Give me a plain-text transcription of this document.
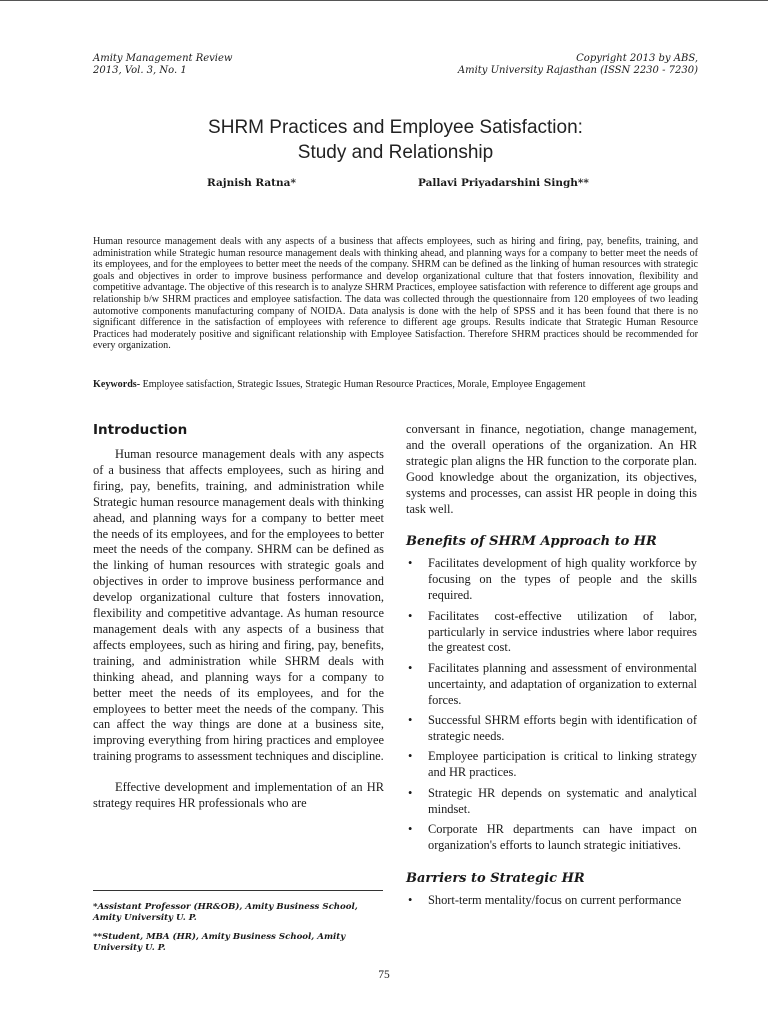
Amity Management Review
2013, Vol. 3, No. 1
Copyright 2013 by ABS,
Amity University Rajasthan (ISSN 2230 - 7230)
SHRM Practices and Employee Satisfaction:
Study and Relationship
Rajnish Ratna*	Pallavi Priyadarshini Singh**

Human resource management deals with any aspects of a business that affects employees, such as hiring and firing, pay, benefits, training, and administration while Strategic human resource management deals with thinking ahead, and planning ways for a company to better meet the needs of its employees, and for the employees to better meet the needs of the company. SHRM can be defined as the linking of human resources with strategic goals and objectives in order to improve business performance and develop organizational culture that that fosters innovation, flexibility and competitive advantage. The objective of this research is to analyze SHRM Practices, employee satisfaction with reference to different age groups and relationship b/w SHRM practices and employee satisfaction. The data was collected through the questionnaire from 120 employees of two leading automotive components manufacturing company of NOIDA. Data analysis is done with the help of SPSS and it has been found that there is no significant difference in the satisfaction of employees with reference to different age groups. Results indicate that Strategic Human Resource Practices had moderately positive and significant relationship with Employee Satisfaction. Therefore SHRM practices should be recommended for every organization.

Keywords- Employee satisfaction, Strategic Issues, Strategic Human Resource Practices, Morale, Employee Engagement

Introduction

Human resource management deals with any aspects of a business that affects employees, such as hiring and firing, pay, benefits, training, and administration while Strategic human resource management deals with thinking ahead, and planning ways for a company to better meet the needs of its employees, and for the employees to better meet the needs of the company. SHRM can be defined as the linking of human resources with strategic goals and objectives in order to improve business performance and develop organizational culture that fosters innovation, flexibility and competitive advantage. As human resource management deals with any aspects of a business that affects employees, such as hiring and firing, pay, benefits, training, and administration while SHRM deals with thinking ahead, and planning ways for a company to better meet the needs of its employees, and for the employees to better meet the needs of the company. This can affect the way things are done at a business site, improving everything from hiring practices and employee training programs to assessment techniques and discipline.

Effective development and implementation of an HR strategy requires HR professionals who are

conversant in finance, negotiation, change management, and the overall operations of the organization. An HR strategic plan aligns the HR function to the corporate plan. Good knowledge about the organization, its objectives, systems and processes, can assist HR people in doing this task well.

Benefits of SHRM Approach to HR
• Facilitates development of high quality workforce by focusing on the types of people and the skills required.
• Facilitates cost-effective utilization of labor, particularly in service industries where labor requires the greatest cost.
• Facilitates planning and assessment of environmental uncertainty, and adaptation of organization to external forces.
• Successful SHRM efforts begin with identification of strategic needs.
• Employee participation is critical to linking strategy and HR practices.
• Strategic HR depends on systematic and analytical mindset.
• Corporate HR departments can have impact on organization's efforts to launch strategic initiatives.
Barriers to Strategic HR
• Short-term mentality/focus on current performance

*Assistant Professor (HR&OB), Amity Business School, Amity University U. P.

**Student, MBA (HR), Amity Business School, Amity University U. P.

75
